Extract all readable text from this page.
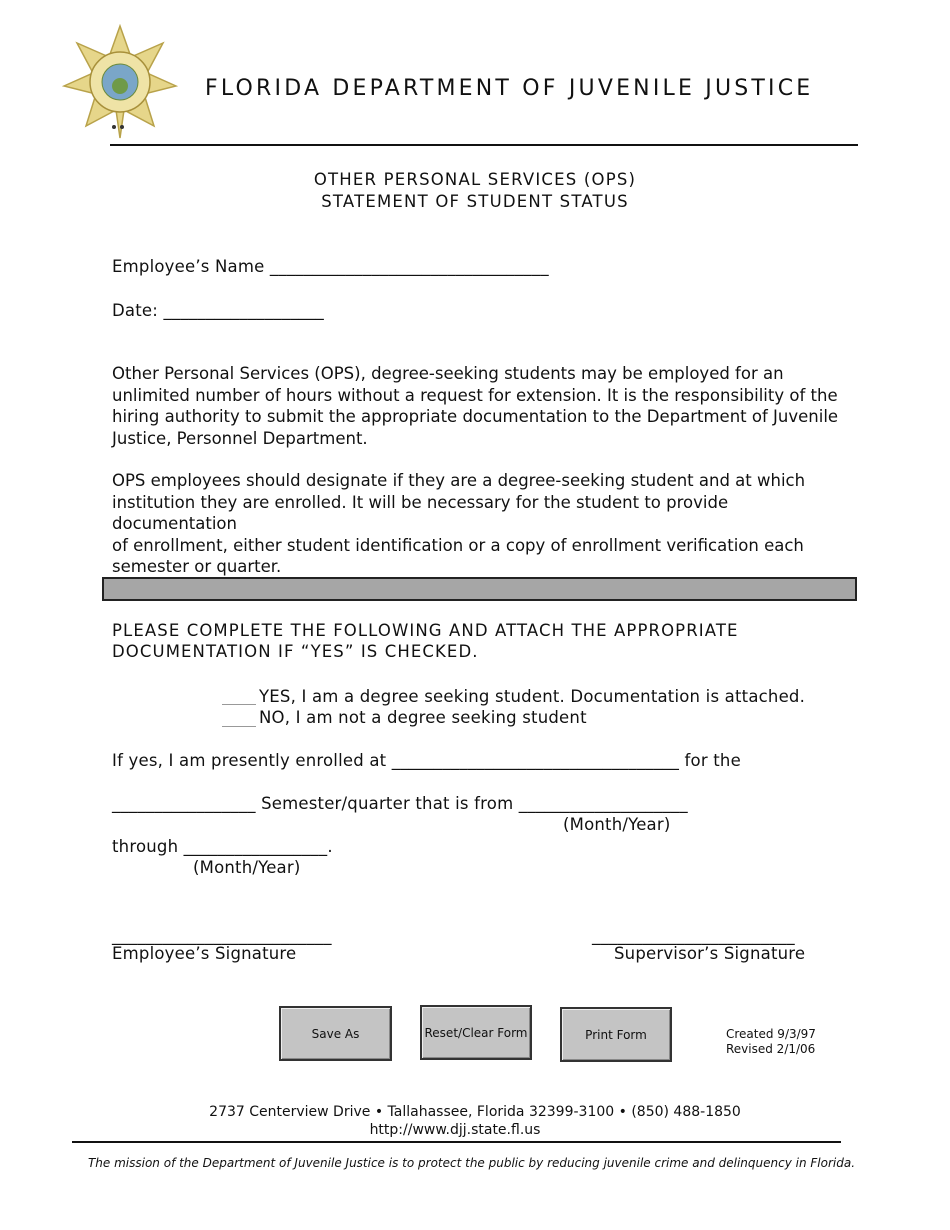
FLORIDA DEPARTMENT OF JUVENILE JUSTICE
OTHER PERSONAL SERVICES (OPS)
STATEMENT OF STUDENT STATUS
Employee’s Name _________________________________
Date: ___________________
Other Personal Services (OPS), degree-seeking students may be employed for an
unlimited number of hours without a request for extension. It is the responsibility of the
hiring authority to submit the appropriate documentation to the Department of Juvenile
Justice, Personnel Department.
OPS employees should designate if they are a degree-seeking student and at which
institution they are enrolled. It will be necessary for the student to provide documentation
of enrollment, either student identification or a copy of enrollment verification each
semester or quarter.
PLEASE COMPLETE THE FOLLOWING AND ATTACH THE APPROPRIATE
DOCUMENTATION IF “YES” IS CHECKED.
YES, I am a degree seeking student. Documentation is attached.
NO, I am not a degree seeking student
If yes, I am presently enrolled at __________________________________ for the
_________________ Semester/quarter that is from ____________________
(Month/Year)
through _________________.
(Month/Year)
__________________________
Employee’s Signature
________________________
Supervisor’s Signature
Save As	Reset/Clear Form	Print Form	Created 9/3/97
Revised 2/1/06
2737 Centerview Drive • Tallahassee, Florida 32399-3100 • (850) 488-1850
http://www.djj.state.fl.us
The mission of the Department of Juvenile Justice is to protect the public by reducing juvenile crime and delinquency in Florida.
